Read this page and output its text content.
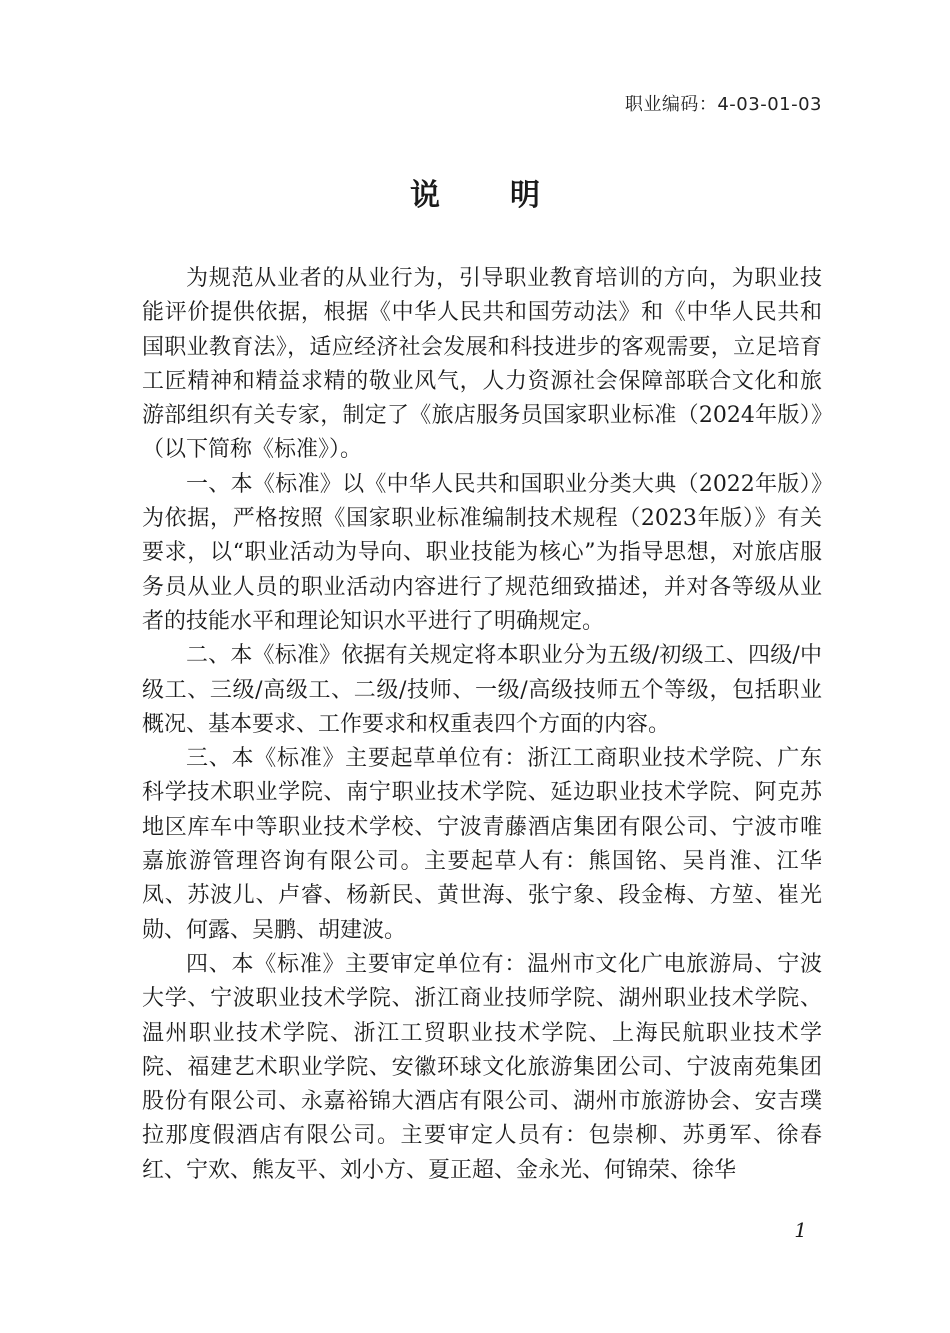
职业编码：4-03-01-03
说明

为规范从业者的从业行为，引导职业教育培训的方向，为职业技能评价提供依据，根据《中华人民共和国劳动法》和《中华人民共和国职业教育法》，适应经济社会发展和科技进步的客观需要，立足培育工匠精神和精益求精的敬业风气，人力资源社会保障部联合文化和旅游部组织有关专家，制定了《旅店服务员国家职业标准（2024年版）》（以下简称《标准》）。

一、本《标准》以《中华人民共和国职业分类大典（2022年版）》为依据，严格按照《国家职业标准编制技术规程（2023年版）》有关要求，以“职业活动为导向、职业技能为核心”为指导思想，对旅店服务员从业人员的职业活动内容进行了规范细致描述，并对各等级从业者的技能水平和理论知识水平进行了明确规定。

二、本《标准》依据有关规定将本职业分为五级/初级工、四级/中级工、三级/高级工、二级/技师、一级/高级技师五个等级，包括职业概况、基本要求、工作要求和权重表四个方面的内容。

三、本《标准》主要起草单位有：浙江工商职业技术学院、广东科学技术职业学院、南宁职业技术学院、延边职业技术学院、阿克苏地区库车中等职业技术学校、宁波青藤酒店集团有限公司、宁波市唯嘉旅游管理咨询有限公司。主要起草人有：熊国铭、吴肖淮、江华凤、苏波儿、卢睿、杨新民、黄世海、张宁象、段金梅、方堃、崔光勋、何露、吴鹏、胡建波。

四、本《标准》主要审定单位有：温州市文化广电旅游局、宁波大学、宁波职业技术学院、浙江商业技师学院、湖州职业技术学院、温州职业技术学院、浙江工贸职业技术学院、上海民航职业技术学院、福建艺术职业学院、安徽环球文化旅游集团公司、宁波南苑集团股份有限公司、永嘉裕锦大酒店有限公司、湖州市旅游协会、安吉璞拉那度假酒店有限公司。主要审定人员有：包崇柳、苏勇军、徐春红、宁欢、熊友平、刘小方、夏正超、金永光、何锦荣、徐华

1
